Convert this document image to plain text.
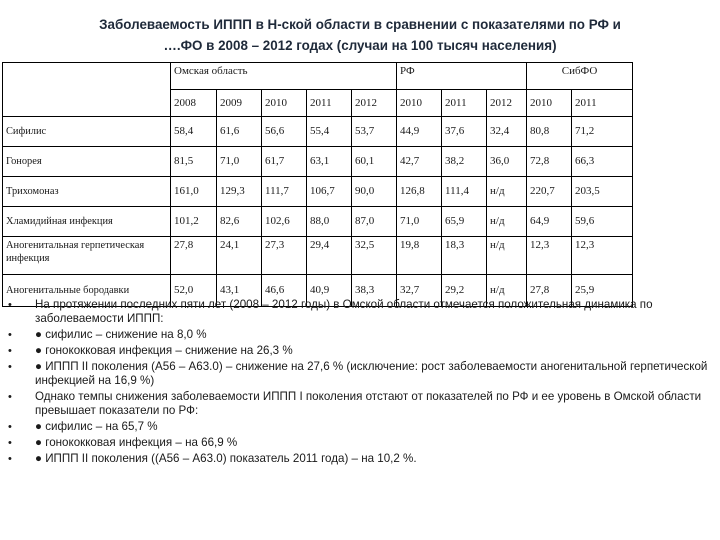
Заболеваемость ИППП в Н-ской области в сравнении с показателями по РФ и
….ФО в 2008 – 2012 годах (случаи на 100 тысяч населения)
	Омская область					РФ			СибФО	
	2008	2009	2010	2011	2012	2010	2011	2012	2010	2011
Сифилис	58,4	61,6	56,6	55,4	53,7	44,9	37,6	32,4	80,8	71,2
Гонорея	81,5	71,0	61,7	63,1	60,1	42,7	38,2	36,0	72,8	66,3
Трихомоназ	161,0	129,3	111,7	106,7	90,0	126,8	111,4	н/д	220,7	203,5
Хламидийная инфекция	101,2	82,6	102,6	88,0	87,0	71,0	65,9	н/д	64,9	59,6
Аногенитальная герпетическая инфекция	27,8	24,1	27,3	29,4	32,5	19,8	18,3	н/д	12,3	12,3
Аногенитальные бородавки	52,0	43,1	46,6	40,9	38,3	32,7	29,2	н/д	27,8	25,9
• На протяжении последних пяти лет (2008 – 2012 годы) в Омской области отмечается положительная динамика по заболеваемости ИППП:
• ● сифилис – снижение на 8,0 %
• ● гонококковая инфекция – снижение на 26,3 %
• ● ИППП II поколения (А56 – А63.0) – снижение на 27,6 % (исключение: рост заболеваемости аногенитальной герпетической инфекцией на 16,9 %)
• Однако темпы снижения заболеваемости ИППП I поколения отстают от показателей по РФ и ее уровень в Омской области превышает показатели по РФ:
• ● сифилис – на 65,7 %
• ● гонококковая инфекция – на 66,9 %
• ● ИППП II поколения ((А56 – А63.0) показатель 2011 года) – на 10,2 %.
